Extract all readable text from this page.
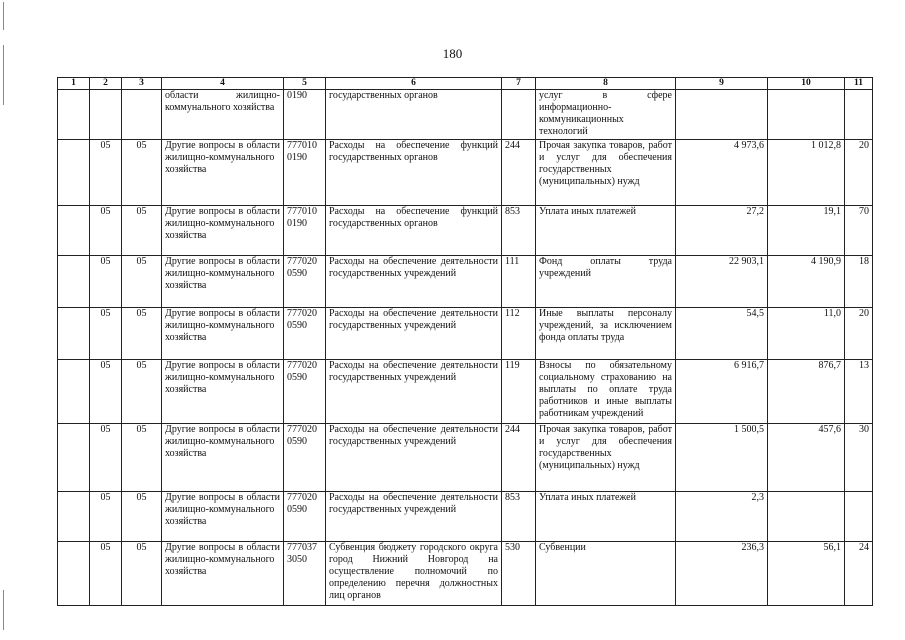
180
1	2	3	4	5	6	7	8	9	10	11
			области жилищно-коммунального хозяйства	0190	государственных органов		услуг в сфере информационно-коммуникационных технологий			
	05	05	Другие вопросы в области жилищно-коммунального хозяйства	777010 0190	Расходы на обеспечение функций государственных органов	244	Прочая закупка товаров, работ и услуг для обеспечения государственных (муниципальных) нужд	4 973,6	1 012,8	20
	05	05	Другие вопросы в области жилищно-коммунального хозяйства	777010 0190	Расходы на обеспечение функций государственных органов	853	Уплата иных платежей	27,2	19,1	70
	05	05	Другие вопросы в области жилищно-коммунального хозяйства	777020 0590	Расходы на обеспечение деятельности государственных учреждений	111	Фонд оплаты труда учреждений	22 903,1	4 190,9	18
	05	05	Другие вопросы в области жилищно-коммунального хозяйства	777020 0590	Расходы на обеспечение деятельности государственных учреждений	112	Иные выплаты персоналу учреждений, за исключением фонда оплаты труда	54,5	11,0	20
	05	05	Другие вопросы в области жилищно-коммунального хозяйства	777020 0590	Расходы на обеспечение деятельности государственных учреждений	119	Взносы по обязательному социальному страхованию на выплаты по оплате труда работников и иные выплаты работникам учреждений	6 916,7	876,7	13
	05	05	Другие вопросы в области жилищно-коммунального хозяйства	777020 0590	Расходы на обеспечение деятельности государственных учреждений	244	Прочая закупка товаров, работ и услуг для обеспечения государственных (муниципальных) нужд	1 500,5	457,6	30
	05	05	Другие вопросы в области жилищно-коммунального хозяйства	777020 0590	Расходы на обеспечение деятельности государственных учреждений	853	Уплата иных платежей	2,3		
	05	05	Другие вопросы в области жилищно-коммунального хозяйства	777037 3050	Субвенция бюджету городского округа город Нижний Новгород на осуществление полномочий по определению перечня должностных лиц органов	530	Субвенции	236,3	56,1	24
